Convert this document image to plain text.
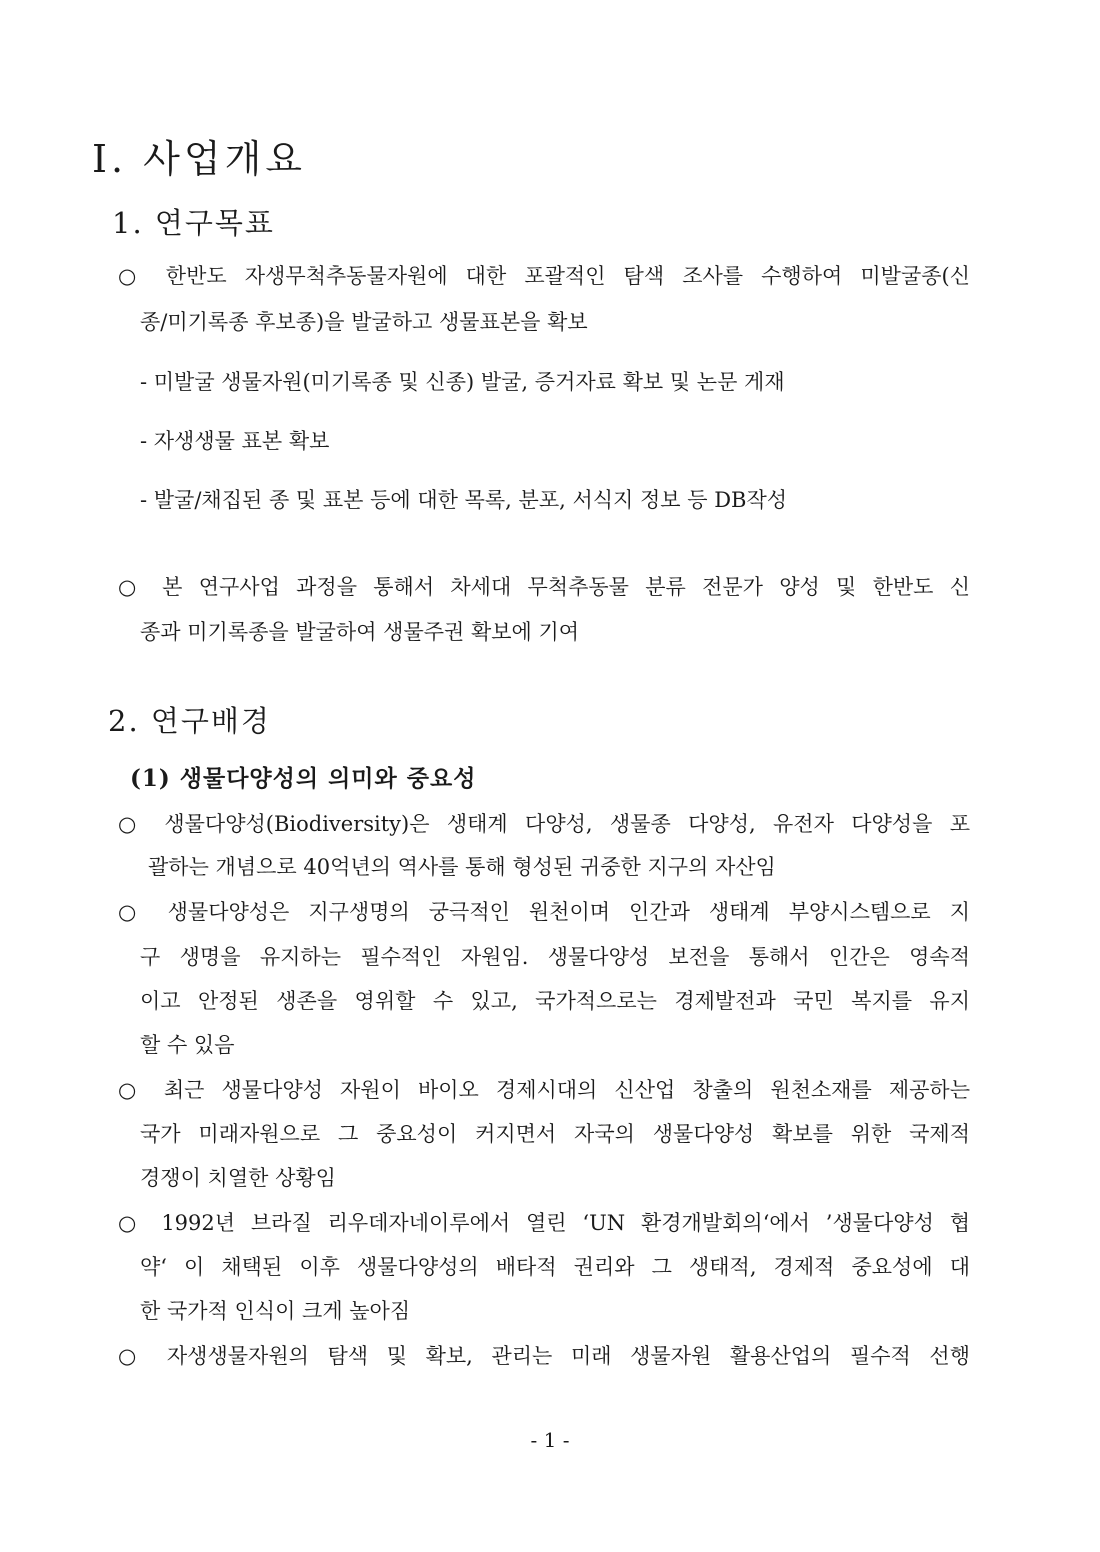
Ⅰ. 사업개요
1. 연구목표

○ 한반도 자생무척추동물자원에 대한 포괄적인 탐색 조사를 수행하여 미발굴종(신

종/미기록종 후보종)을 발굴하고 생물표본을 확보

- 미발굴 생물자원(미기록종 및 신종) 발굴, 증거자료 확보 및 논문 게재

- 자생생물 표본 확보

- 발굴/채집된 종 및 표본 등에 대한 목록, 분포, 서식지 정보 등 DB작성

○ 본 연구사업 과정을 통해서 차세대 무척추동물 분류 전문가 양성 및 한반도 신

종과 미기록종을 발굴하여 생물주권 확보에 기여

2. 연구배경
(1) 생물다양성의 의미와 중요성

○ 생물다양성(Biodiversity)은 생태계 다양성, 생물종 다양성, 유전자 다양성을 포

괄하는 개념으로 40억년의 역사를 통해 형성된 귀중한 지구의 자산임

○ 생물다양성은 지구생명의 궁극적인 원천이며 인간과 생태계 부양시스템으로 지

구 생명을 유지하는 필수적인 자원임. 생물다양성 보전을 통해서 인간은 영속적

이고 안정된 생존을 영위할 수 있고, 국가적으로는 경제발전과 국민 복지를 유지

할 수 있음

○ 최근 생물다양성 자원이 바이오 경제시대의 신산업 창출의 원천소재를 제공하는

국가 미래자원으로 그 중요성이 커지면서 자국의 생물다양성 확보를 위한 국제적

경쟁이 치열한 상황임

○ 1992년 브라질 리우데자네이루에서 열린 ‘UN 환경개발회의‘에서 ’생물다양성 협

약‘ 이 채택된 이후 생물다양성의 배타적 권리와 그 생태적, 경제적 중요성에 대

한 국가적 인식이 크게 높아짐

○ 자생생물자원의 탐색 및 확보, 관리는 미래 생물자원 활용산업의 필수적 선행

- 1 -
